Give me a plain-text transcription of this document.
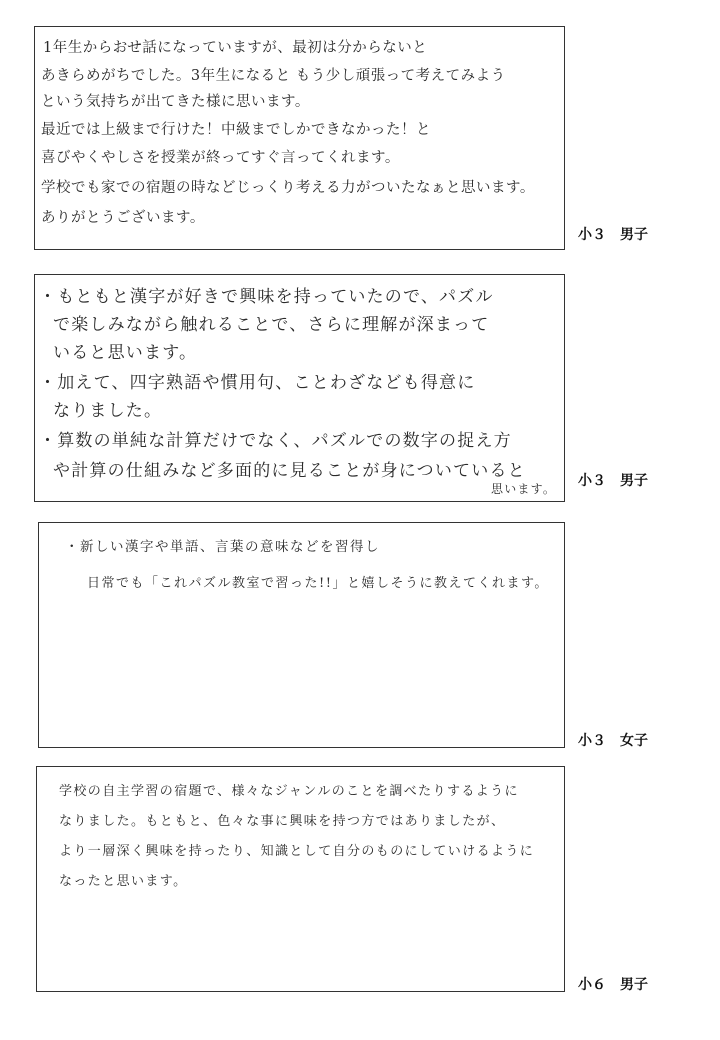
1年生からおせ話になっていますが、最初は分からないと
あきらめがちでした。3年生になると もう少し頑張って考えてみよう
という気持ちが出てきた様に思います。
最近では上級まで行けた！中級までしかできなかった！と
喜びやくやしさを授業が終ってすぐ言ってくれます。
学校でも家での宿題の時などじっくり考える力がついたなぁと思います。
ありがとうございます。
小３ 男子
・もともと漢字が好きで興味を持っていたので、パズル
で楽しみながら触れることで、さらに理解が深まって
いると思います。
・加えて、四字熟語や慣用句、ことわざなども得意に
なりました。
・算数の単純な計算だけでなく、パズルでの数字の捉え方
や計算の仕組みなど多面的に見ることが身についていると
思います。 小３ 男子
・新しい漢字や単語、言葉の意味などを習得し
日常でも「これパズル教室で習った!!」と嬉しそうに教えてくれます。
小３ 女子
学校の自主学習の宿題で、様々なジャンルのことを調べたりするように
なりました。もともと、色々な事に興味を持つ方ではありましたが、
より一層深く興味を持ったり、知識として自分のものにしていけるように
なったと思います。
小６ 男子
